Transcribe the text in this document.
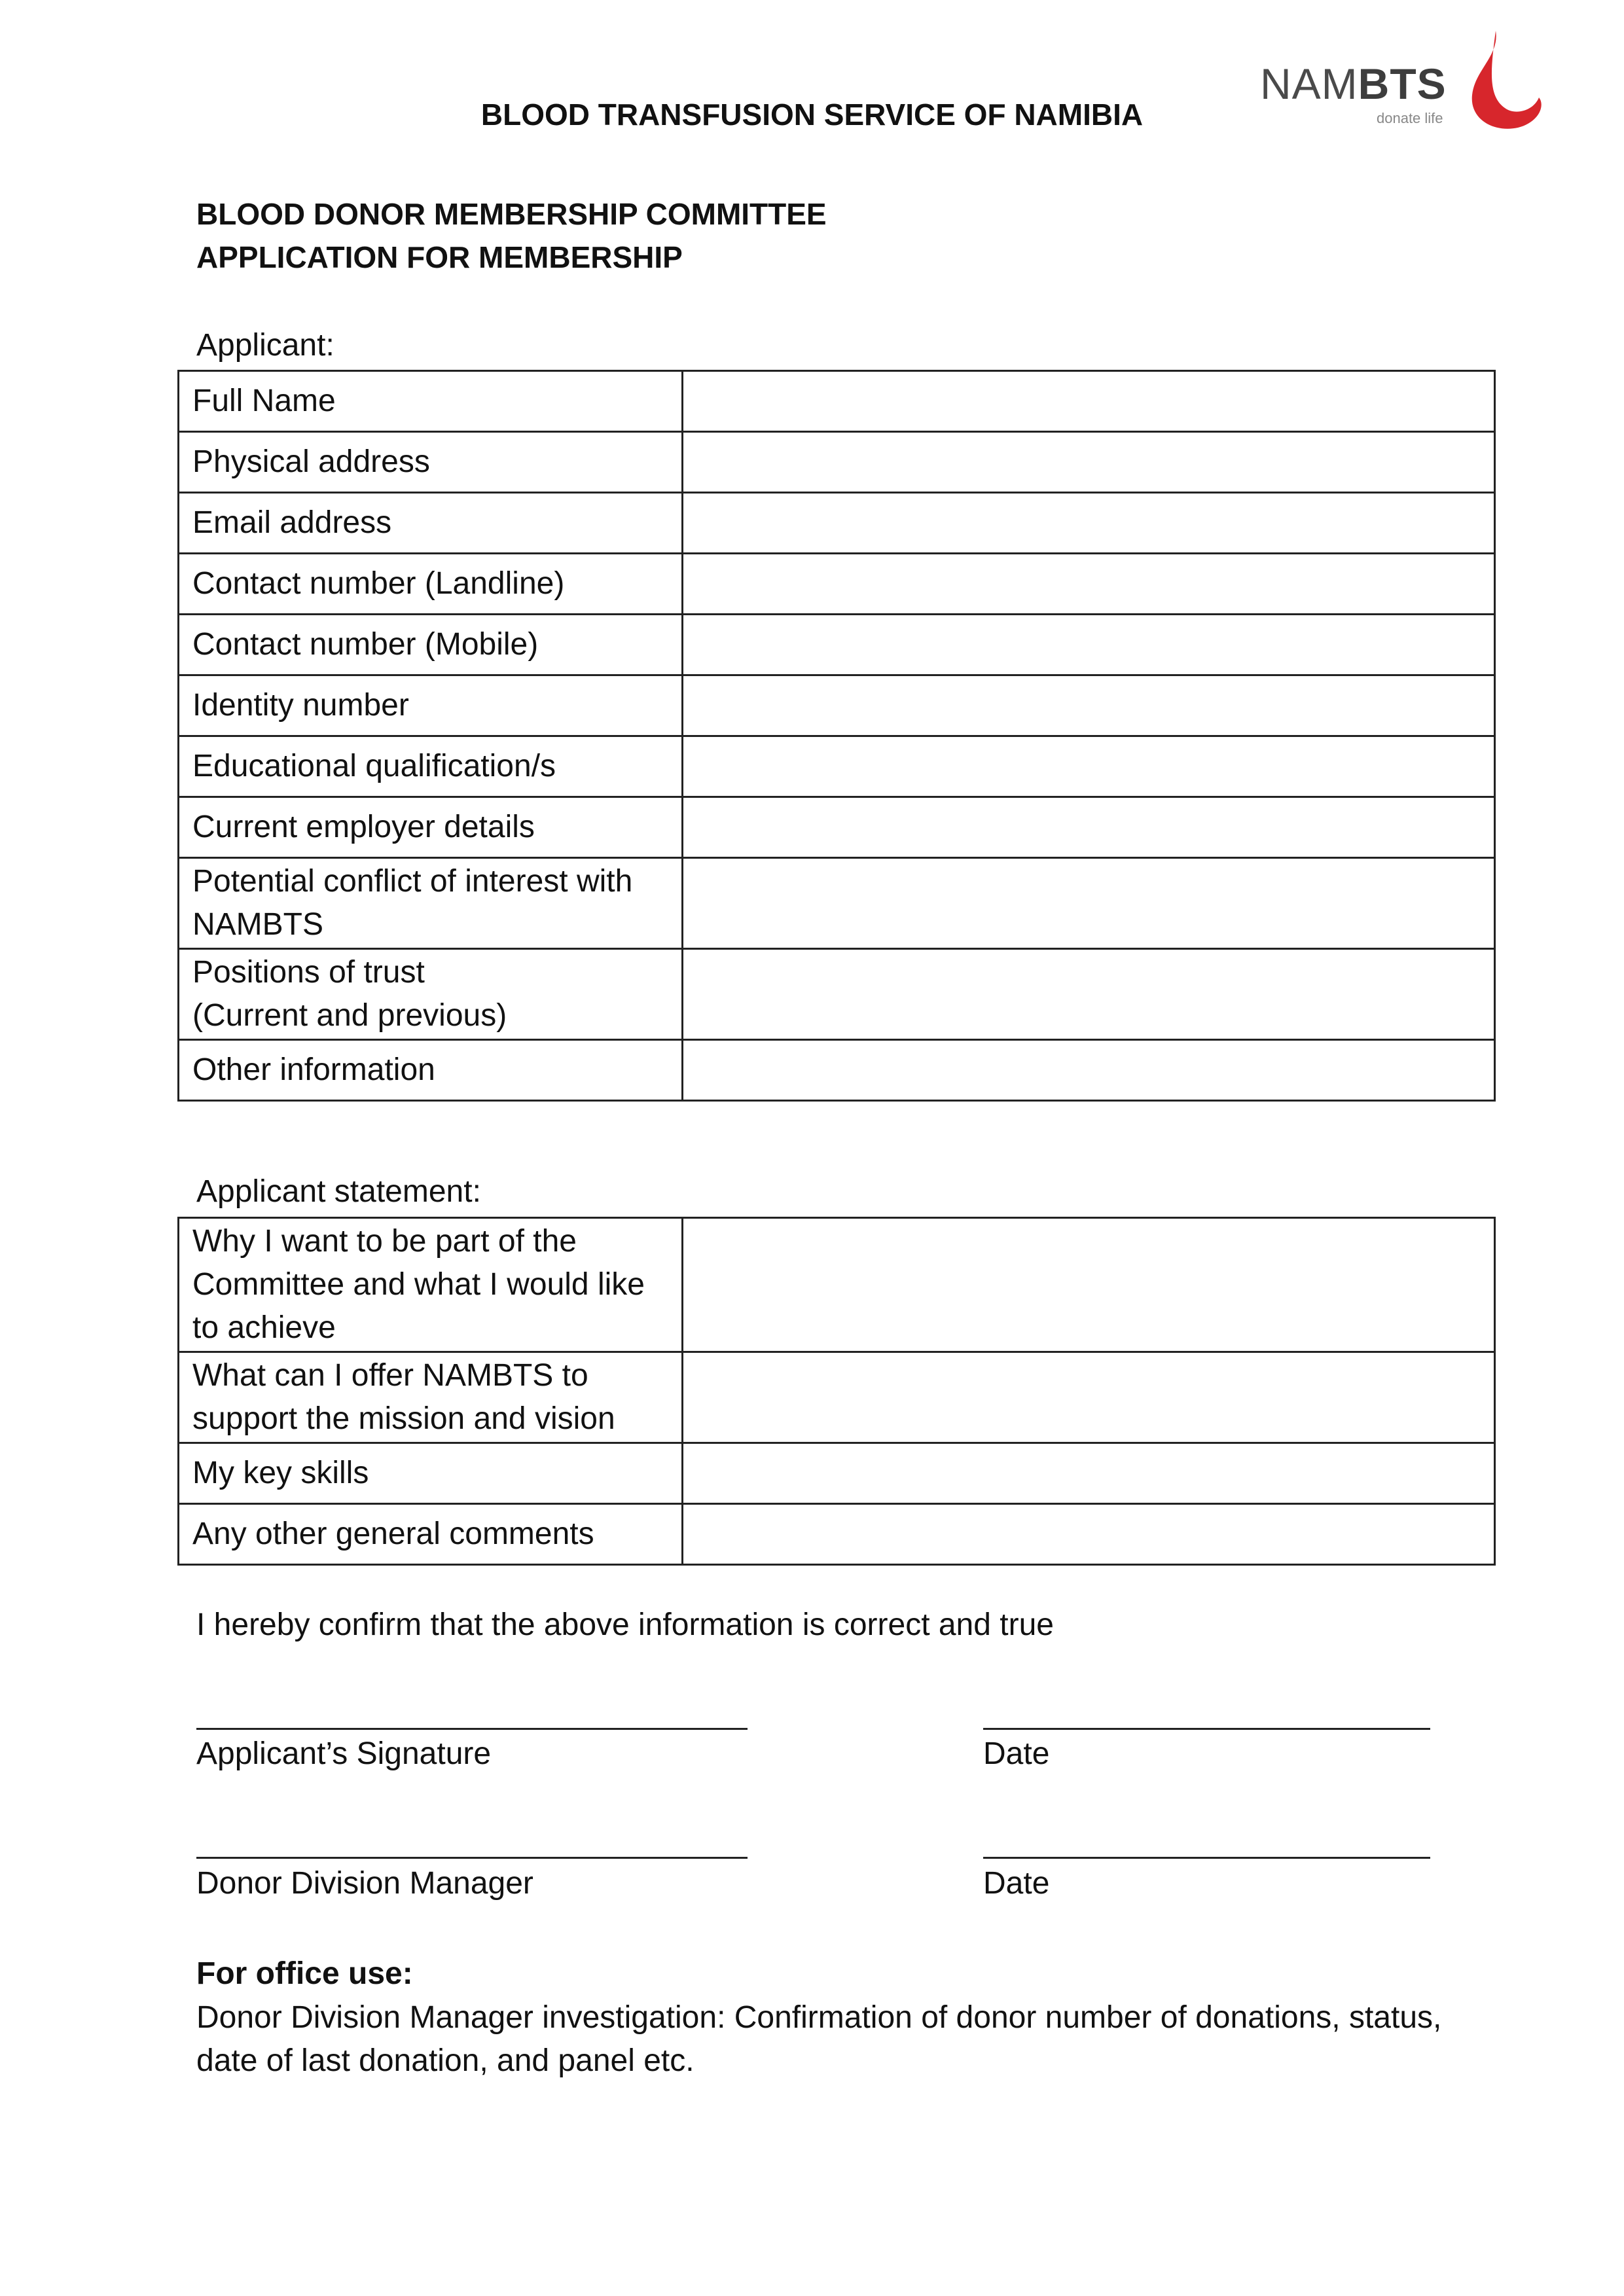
NAMBTS
donate life
BLOOD TRANSFUSION SERVICE OF NAMIBIA
BLOOD DONOR MEMBERSHIP COMMITTEE
APPLICATION FOR MEMBERSHIP
Applicant:
Full Name	
Physical address	
Email address	
Contact number (Landline)	
Contact number (Mobile)	
Identity number	
Educational qualification/s	
Current employer details	
Potential conflict of interest with NAMBTS	
Positions of trust
(Current and previous)	
Other information	
Applicant statement:
Why I want to be part of the Committee and what I would like to achieve	
What can I offer NAMBTS to support the mission and vision	
My key skills	
Any other general comments	
I hereby confirm that the above information is correct and true
Applicant’s Signature	Date
Donor Division Manager	Date
For office use:
Donor Division Manager investigation: Confirmation of donor number of donations, status, date of last donation, and panel etc.
